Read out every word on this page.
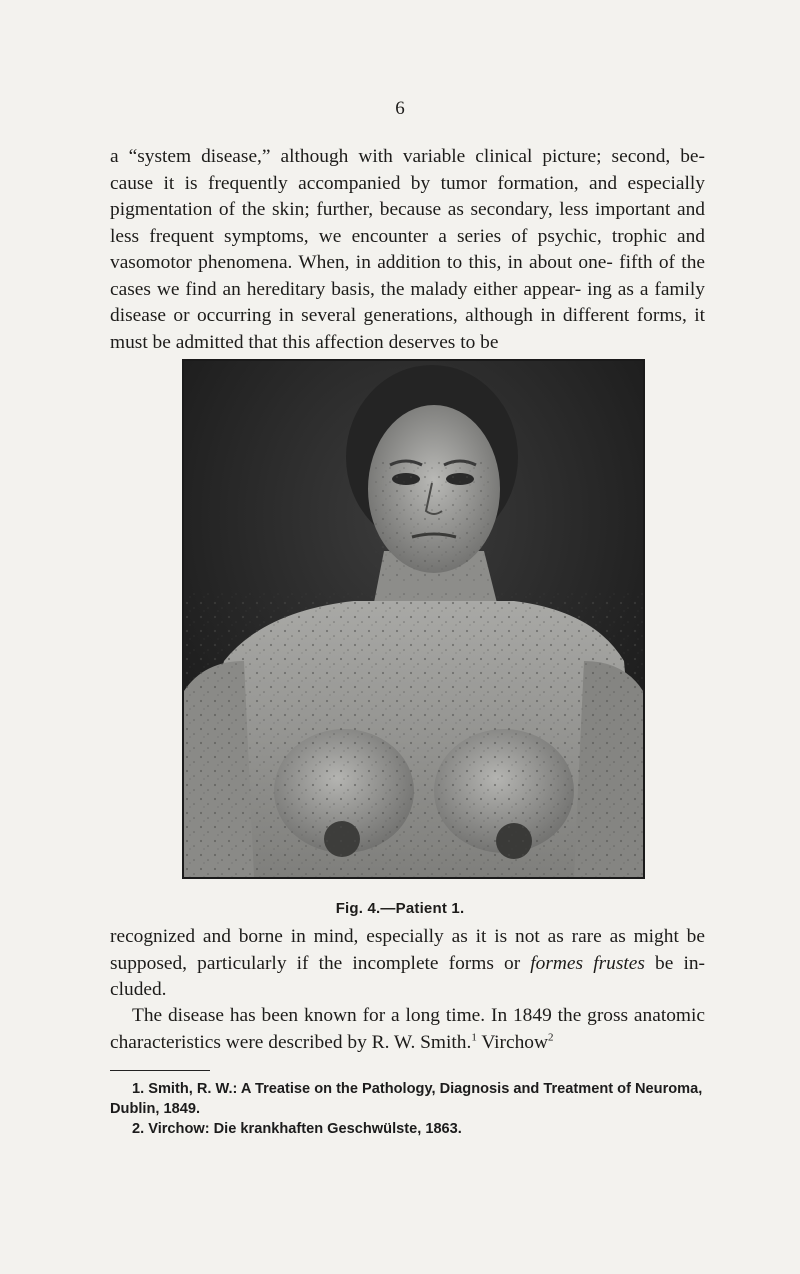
6

a “system disease,” although with variable clinical picture; second, be- cause it is frequently accompanied by tumor formation, and especially pigmentation of the skin; further, because as secondary, less important and less frequent symptoms, we encounter a series of psychic, trophic and vasomotor phenomena. When, in addition to this, in about one- fifth of the cases we find an hereditary basis, the malady either appear- ing as a family disease or occurring in several generations, although in different forms, it must be admitted that this affection deserves to be

Fig. 4.—Patient 1.

recognized and borne in mind, especially as it is not as rare as might be supposed, particularly if the incomplete forms or formes frustes be in- cluded.

The disease has been known for a long time. In 1849 the gross anatomic characteristics were described by R. W. Smith.$^1$ Virchow$^2$

1. Smith, R. W.: A Treatise on the Pathology, Diagnosis and Treatment of Neuroma, Dublin, 1849.

2. Virchow: Die krankhaften Geschwülste, 1863.
